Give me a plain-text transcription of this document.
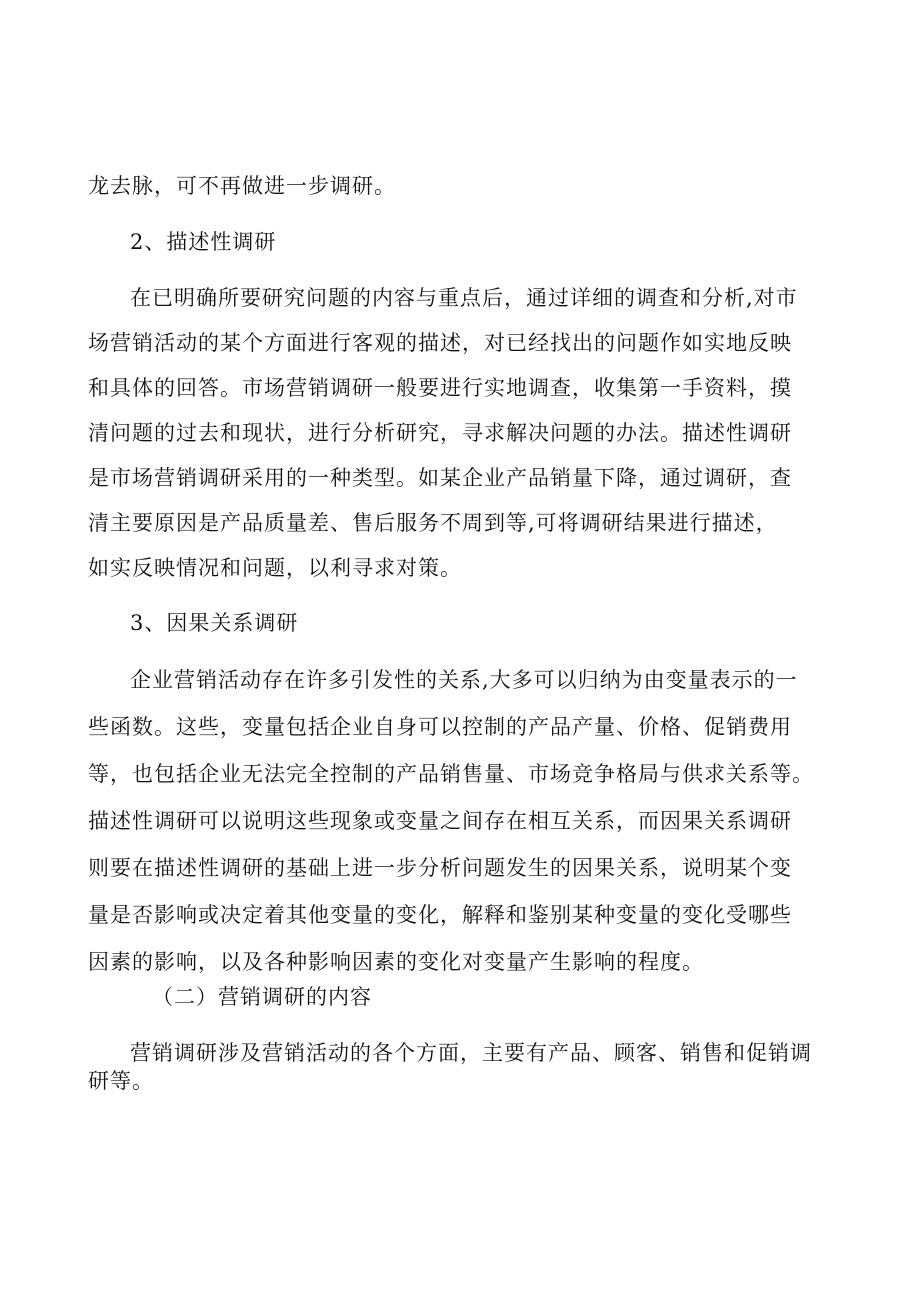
龙去脉，可不再做进一步调研。
2、描述性调研
在已明确所要研究问题的内容与重点后，通过详细的调查和分析,对市
场营销活动的某个方面进行客观的描述，对已经找出的问题作如实地反映
和具体的回答。市场营销调研一般要进行实地调查，收集第一手资料，摸
清问题的过去和现状，进行分析研究，寻求解决问题的办法。描述性调研
是市场营销调研采用的一种类型。如某企业产品销量下降，通过调研，查
清主要原因是产品质量差、售后服务不周到等,可将调研结果进行描述，
如实反映情况和问题，以利寻求对策。
3、因果关系调研
企业营销活动存在许多引发性的关系,大多可以归纳为由变量表示的一
些函数。这些，变量包括企业自身可以控制的产品产量、价格、促销费用
等，也包括企业无法完全控制的产品销售量、市场竞争格局与供求关系等。
描述性调研可以说明这些现象或变量之间存在相互关系，而因果关系调研
则要在描述性调研的基础上进一步分析问题发生的因果关系，说明某个变
量是否影响或决定着其他变量的变化，解释和鉴别某种变量的变化受哪些
因素的影响，以及各种影响因素的变化对变量产生影响的程度。
（二）营销调研的内容
营销调研涉及营销活动的各个方面，主要有产品、顾客、销售和促销调
研等。
